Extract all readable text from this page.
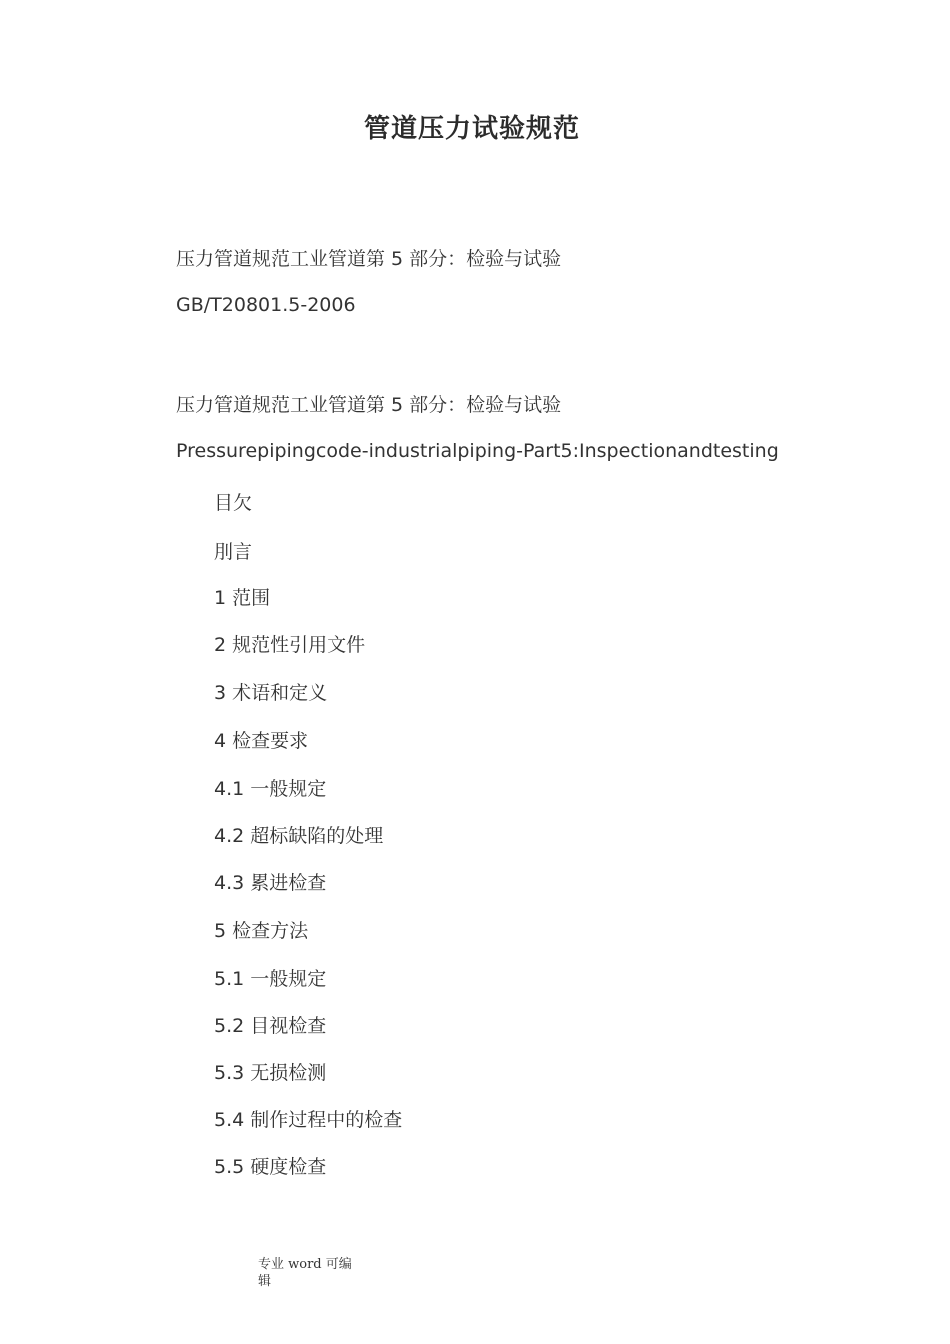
管道压力试验规范
压力管道规范工业管道第 5 部分：检验与试验
GB/T20801.5-2006
压力管道规范工业管道第 5 部分：检验与试验
Pressurepipingcode-industrialpiping-Part5:Inspectionandtesting
目欠
刖言
1 范围
2 规范性引用文件
3 术语和定义
4 检查要求
4.1 一般规定
4.2 超标缺陷的处理
4.3 累进检查
5 检查方法
5.1 一般规定
5.2 目视检查
5.3 无损检测
5.4 制作过程中的检查
5.5 硬度检查
专业 word 可编
辑
